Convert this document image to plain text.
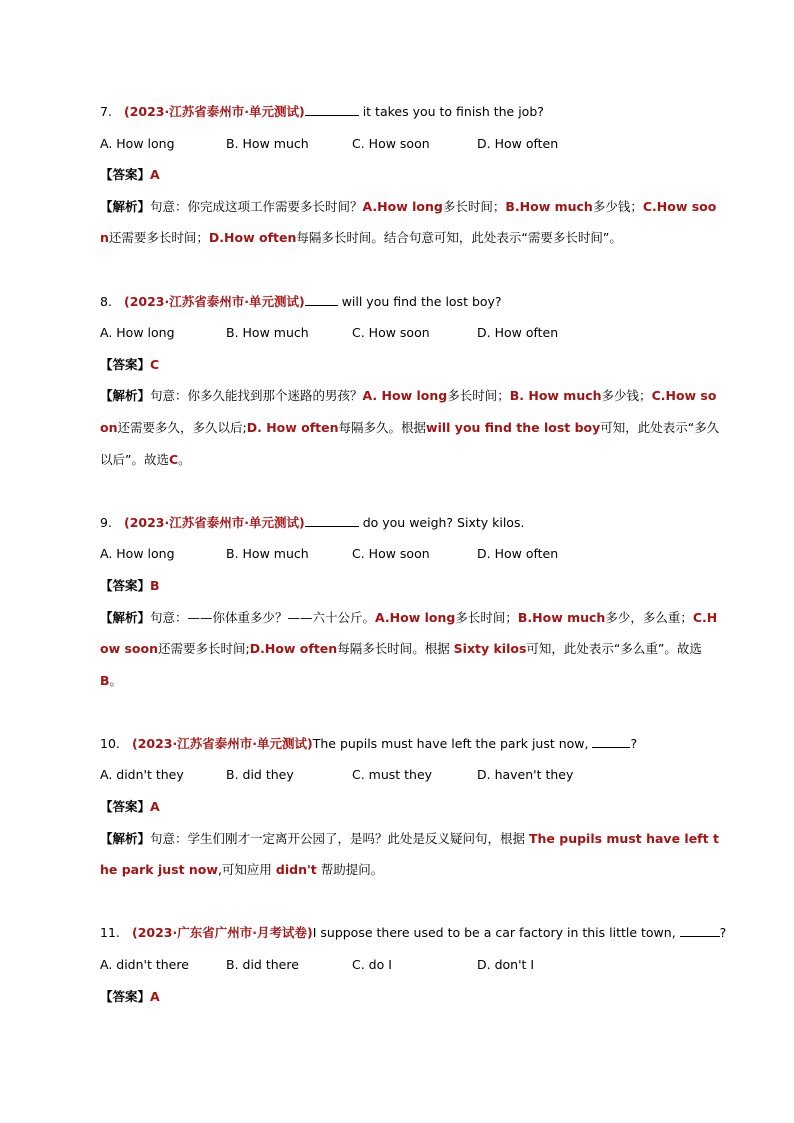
7. (2023·江苏省泰州市·单元测试)	it takes you to finish the job?
A. How long	B. How much	C. How soon	D. How often
【答案】A
【解析】句意：你完成这项工作需要多长时间？A.How long多长时间；B.How much多少钱；C.How soon还需要多长时间；D.How often每隔多长时间。结合句意可知，此处表示“需要多长时间”。
8. (2023·江苏省泰州市·单元测试)	will you find the lost boy?
A. How long	B. How much	C. How soon	D. How often
【答案】C
【解析】句意：你多久能找到那个迷路的男孩？A. How long多长时间；B. How much多少钱；C.How soon还需要多久，多久以后;D. How often每隔多久。根据will you find the lost boy可知，此处表示“多久以后”。故选C。
9. (2023·江苏省泰州市·单元测试)	do you weigh? Sixty kilos.
A. How long	B. How much	C. How soon	D. How often
【答案】B
【解析】句意：——你体重多少？——六十公斤。A.How long多长时间；B.How much多少，多么重；C.How soon还需要多长时间;D.How often每隔多长时间。根据 Sixty kilos可知，此处表示“多么重”。故选B。
10. (2023·江苏省泰州市·单元测试)The pupils must have left the park just now,	?
A. didn't they	B. did they	C. must they	D. haven't they
【答案】A
【解析】句意：学生们刚才一定离开公园了，是吗？此处是反义疑问句，根据 The pupils must have left the park just now,可知应用 didn't 帮助提问。
11. (2023·广东省广州市·月考试卷)I suppose there used to be a car factory in this little town,	?
A. didn't there	B. did there	C. do I	D. don't I
【答案】A
